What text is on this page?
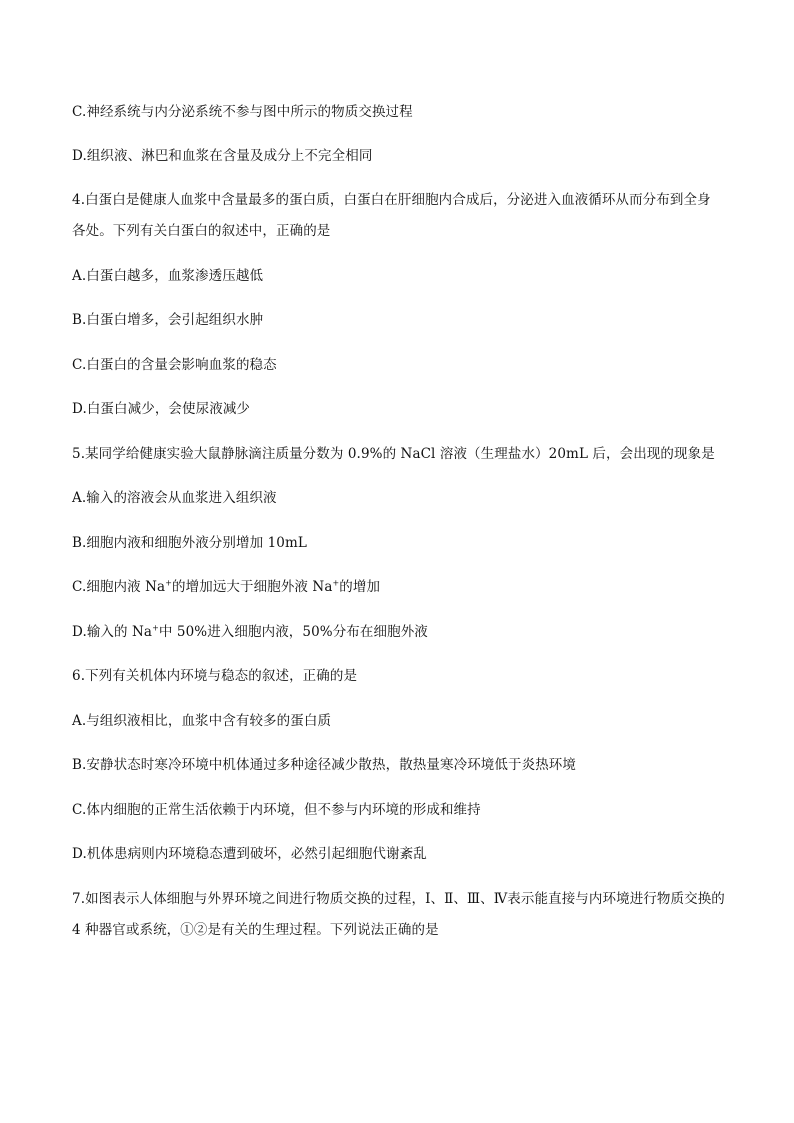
C.神经系统与内分泌系统不参与图中所示的物质交换过程
D.组织液、淋巴和血浆在含量及成分上不完全相同
4.白蛋白是健康人血浆中含量最多的蛋白质，白蛋白在肝细胞内合成后，分泌进入血液循环从而分布到全身
各处。下列有关白蛋白的叙述中，正确的是
A.白蛋白越多，血浆渗透压越低
B.白蛋白增多，会引起组织水肿
C.白蛋白的含量会影响血浆的稳态
D.白蛋白减少，会使尿液减少
5.某同学给健康实验大鼠静脉滴注质量分数为 0.9%的 NaCl 溶液（生理盐水）20mL 后，会出现的现象是
A.输入的溶液会从血浆进入组织液
B.细胞内液和细胞外液分别增加 10mL
C.细胞内液 Na+的增加远大于细胞外液 Na+的增加
D.输入的 Na+中 50%进入细胞内液，50%分布在细胞外液
6.下列有关机体内环境与稳态的叙述，正确的是
A.与组织液相比，血浆中含有较多的蛋白质
B.安静状态时寒冷环境中机体通过多种途径减少散热，散热量寒冷环境低于炎热环境
C.体内细胞的正常生活依赖于内环境，但不参与内环境的形成和维持
D.机体患病则内环境稳态遭到破坏，必然引起细胞代谢紊乱
7.如图表示人体细胞与外界环境之间进行物质交换的过程，Ⅰ、Ⅱ、Ⅲ、Ⅳ表示能直接与内环境进行物质交换的
4 种器官或系统，①②是有关的生理过程。下列说法正确的是
